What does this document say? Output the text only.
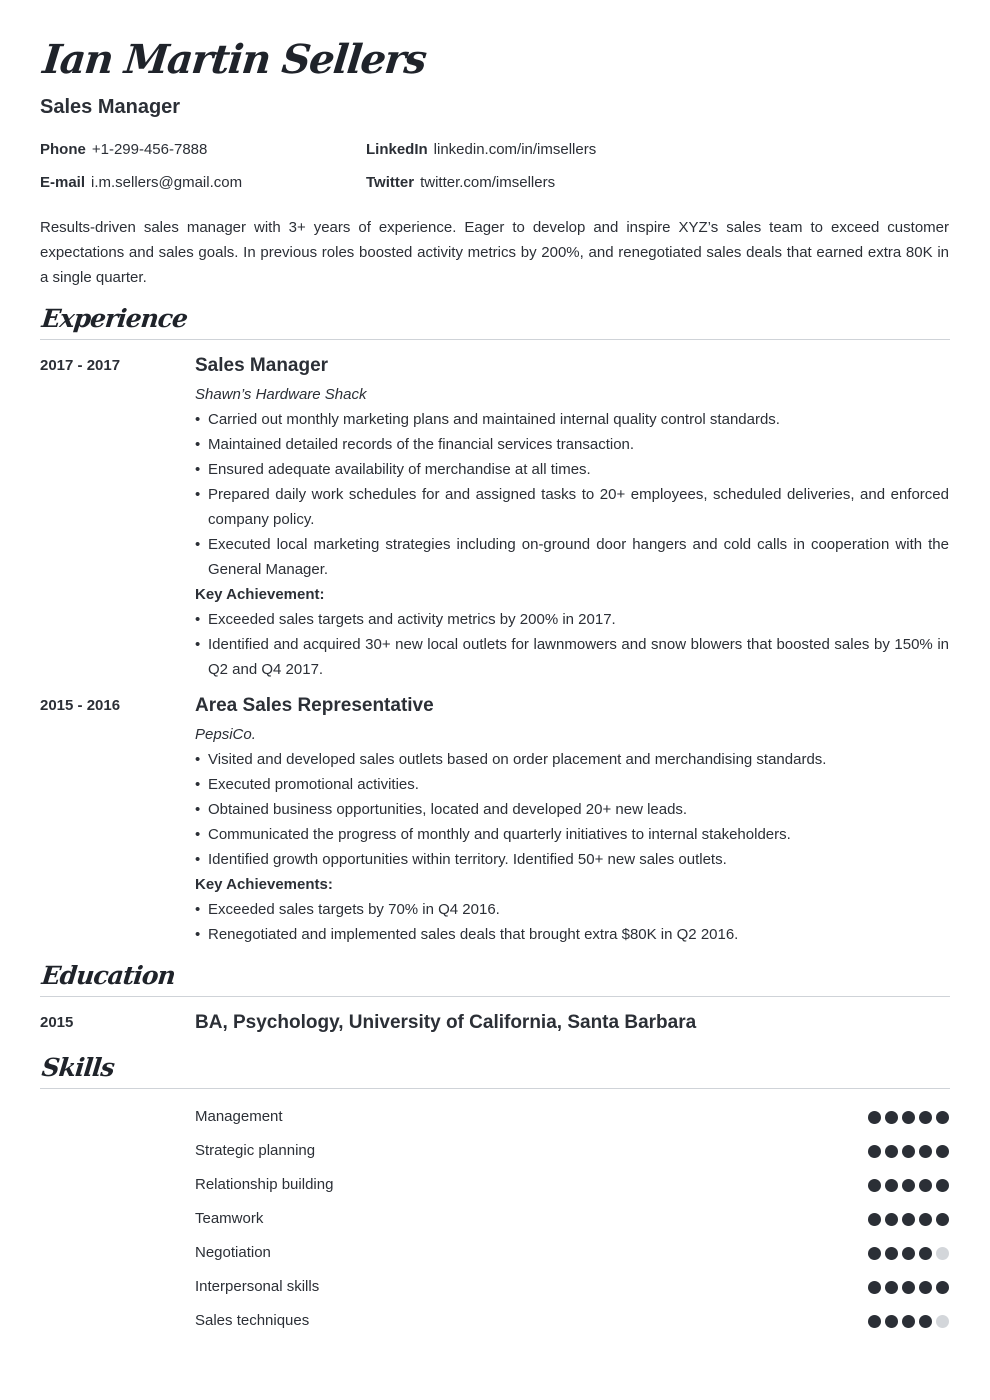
Ian Martin Sellers
Sales Manager
Phone +1-299-456-7888
E-mail i.m.sellers@gmail.com
LinkedIn linkedin.com/in/imsellers
Twitter twitter.com/imsellers

Results-driven sales manager with 3+ years of experience. Eager to develop and inspire XYZ’s sales team to exceed customer expectations and sales goals. In previous roles boosted activity metrics by 200%, and renegotiated sales deals that earned extra 80K in a single quarter.

Experience
2017 - 2017	Sales Manager
Shawn’s Hardware Shack
• Carried out monthly marketing plans and maintained internal quality control standards.
• Maintained detailed records of the financial services transaction.
• Ensured adequate availability of merchandise at all times.
• Prepared daily work schedules for and assigned tasks to 20+ employees, scheduled deliveries, and enforced company policy.
• Executed local marketing strategies including on-ground door hangers and cold calls in cooperation with the General Manager.
Key Achievement:
• Exceeded sales targets and activity metrics by 200% in 2017.
• Identified and acquired 30+ new local outlets for lawnmowers and snow blowers that boosted sales by 150% in Q2 and Q4 2017.
2015 - 2016	Area Sales Representative
PepsiCo.
• Visited and developed sales outlets based on order placement and merchandising standards.
• Executed promotional activities.
• Obtained business opportunities, located and developed 20+ new leads.
• Communicated the progress of monthly and quarterly initiatives to internal stakeholders.
• Identified growth opportunities within territory. Identified 50+ new sales outlets.
Key Achievements:
• Exceeded sales targets by 70% in Q4 2016.
• Renegotiated and implemented sales deals that brought extra $80K in Q2 2016.
Education
2015	BA, Psychology, University of California, Santa Barbara
Skills
Management
Strategic planning
Relationship building
Teamwork
Negotiation
Interpersonal skills
Sales techniques
